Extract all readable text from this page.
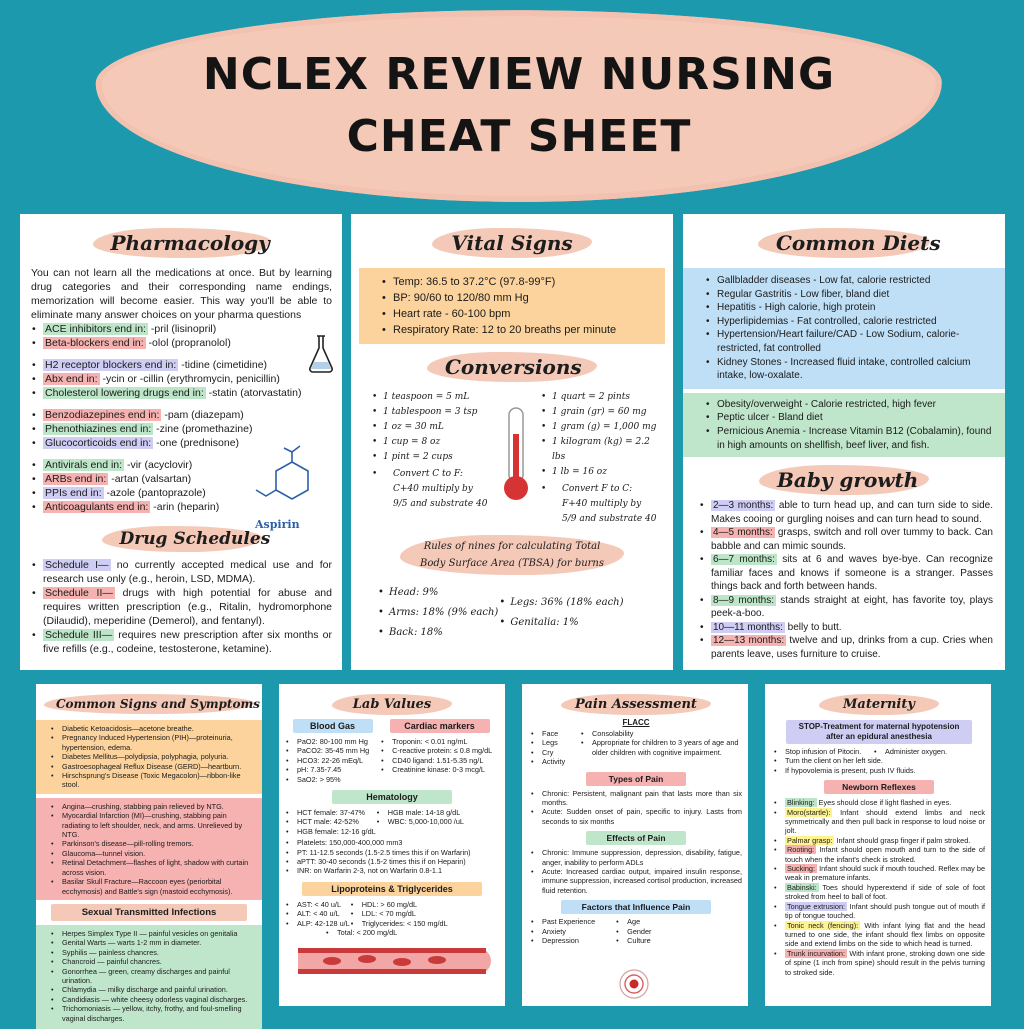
NCLEX REVIEW NURSING
CHEAT SHEET
Pharmacology

You can not learn all the medications at once. But by learning drug categories and their corresponding name endings, memorization will become easier. This way you'll be able to eliminate many answer choices on your pharma questions

• ACE inhibitors end in: -pril (lisinopril)
• Beta-blockers end in: -olol (propranolol)
• H2 receptor blockers end in: -tidine (cimetidine)
• Abx end in: -ycin or -cillin (erythromycin, penicillin)
• Cholesterol lowering drugs end in: -statin (atorvastatin)
• Benzodiazepines end in: -pam (diazepam)
• Phenothiazines end in: -zine (promethazine)
• Glucocorticoids end in: -one (prednisone)
• Antivirals end in: -vir (acyclovir)
• ARBs end in: -artan (valsartan)
• PPIs end in: -azole (pantoprazole)
• Anticoagulants end in: -arin (heparin)
Aspirin
Drug Schedules
• Schedule I— no currently accepted medical use and for research use only (e.g., heroin, LSD, MDMA).
• Schedule II— drugs with high potential for abuse and requires written prescription (e.g., Ritalin, hydromorphone (Dilaudid), meperidine (Demerol), and fentanyl).
• Schedule III— requires new prescription after six months or five refills (e.g., codeine, testosterone, ketamine).
Vital Signs
• Temp: 36.5 to 37.2°C (97.8-99°F)
• BP: 90/60 to 120/80 mm Hg
• Heart rate - 60-100 bpm
• Respiratory Rate: 12 to 20 breaths per minute
Conversions
• 1 teaspoon = 5 mL
• 1 tablespoon = 3 tsp
• 1 oz = 30 mL
• 1 cup = 8 oz
• 1 pint = 2 cups
• Convert C to F: C+40 multiply by 9/5 and substrate 40
• 1 quart = 2 pints
• 1 grain (gr) = 60 mg
• 1 gram (g) = 1,000 mg
• 1 kilogram (kg) = 2.2 lbs
• 1 lb = 16 oz
• Convert F to C: F+40 multiply by 5/9 and substrate 40
Rules of nines for calculating Total Body Surface Area (TBSA) for burns
• Head: 9%
• Arms: 18% (9% each)
• Back: 18%
• Legs: 36% (18% each)
• Genitalia: 1%
Common Diets
• Gallbladder diseases - Low fat, calorie restricted
• Regular Gastritis - Low fiber, bland diet
• Hepatitis - High calorie, high protein
• Hyperlipidemias - Fat controlled, calorie restricted
• Hypertension/Heart failure/CAD - Low Sodium, calorie-restricted, fat controlled
• Kidney Stones - Increased fluid intake, controlled calcium intake, low-oxalate.
• Obesity/overweight - Calorie restricted, high fever
• Peptic ulcer - Bland diet
• Pernicious Anemia - Increase Vitamin B12 (Cobalamin), found in high amounts on shellfish, beef liver, and fish.
Baby growth
• 2—3 months: able to turn head up, and can turn side to side. Makes cooing or gurgling noises and can turn head to sound.
• 4—5 months: grasps, switch and roll over tummy to back. Can babble and can mimic sounds.
• 6—7 months: sits at 6 and waves bye-bye. Can recognize familiar faces and knows if someone is a stranger. Passes things back and forth between hands.
• 8—9 months: stands straight at eight, has favorite toy, plays peek-a-boo.
• 10—11 months: belly to butt.
• 12—13 months: twelve and up, drinks from a cup. Cries when parents leave, uses furniture to cruise.
Common Signs and Symptoms
• Diabetic Ketoacidosis—acetone breathe.
• Pregnancy Induced Hypertension (PIH)—proteinuria, hypertension, edema.
• Diabetes Mellitus—polydipsia, polyphagia, polyuria.
• Gastroesophageal Reflux Disease (GERD)—heartburn.
• Hirschsprung's Disease (Toxic Megacolon)—ribbon-like stool.
• Angina—crushing, stabbing pain relieved by NTG.
• Myocardial Infarction (MI)—crushing, stabbing pain radiating to left shoulder, neck, and arms. Unrelieved by NTG.
• Parkinson's disease—pill-rolling tremors.
• Glaucoma—tunnel vision.
• Retinal Detachment—flashes of light, shadow with curtain across vision.
• Basilar Skull Fracture—Raccoon eyes (periorbital ecchymosis) and Battle's sign (mastoid ecchymosis).
Sexual Transmitted Infections
• Herpes Simplex Type II — painful vesicles on genitalia
• Genital Warts — warts 1-2 mm in diameter.
• Syphilis — painless chancres.
• Chancroid — painful chancres.
• Gonorrhea — green, creamy discharges and painful urination.
• Chlamydia — milky discharge and painful urination.
• Candidiasis — white cheesy odorless vaginal discharges.
• Trichomoniasis — yellow, itchy, frothy, and foul-smelling vaginal discharges.
Lab Values
Blood Gas
• PaO2: 80-100 mm Hg
• PaCO2: 35-45 mm Hg
• HCO3: 22-26 mEq/L
• pH: 7.35-7.45
• SaO2: > 95%
Cardiac markers
• Troponin: < 0.01 ng/mL
• C-reactive protein: ≤ 0.8 mg/dL
• CD40 ligand: 1.51-5.35 ng/L
• Creatinine kinase: 0-3 mcg/L
Hematology
• HCT female: 37-47%
• HCT male: 42-52%
• HGB female: 12-16 g/dL
• HGB male: 14-18 g/dL
• WBC: 5,000-10,000 /uL
• Platelets: 150,000-400,000 mm3
• PT: 11-12.5 seconds (1.5-2.5 times this if on Warfarin)
• aPTT: 30-40 seconds (1.5-2 times this if on Heparin)
• INR: on Warfarin 2-3, not on Warfarin 0.8-1.1
Lipoproteins & Triglycerides
• AST: < 40 u/L
• ALT: < 40 u/L
• ALP: 42-128 u/L
• HDL: > 60 mg/dL
• LDL: < 70 mg/dL
• Triglycerides: < 150 mg/dL
• Total: < 200 mg/dL
Pain Assessment
FLACC
• Face
• Legs
• Cry
• Activity
• Consolability
• Appropriate for children to 3 years of age and older children with cognitive impairment.
Types of Pain
• Chronic: Persistent, malignant pain that lasts more than six months.
• Acute: Sudden onset of pain, specific to injury. Lasts from seconds to six months
Effects of Pain
• Chronic: Immune suppression, depression, disability, fatigue, anger, inability to perform ADLs
• Acute: Increased cardiac output, impaired insulin response, immune suppression, increased cortisol production, increased fluid retention.
Factors that Influence Pain
• Past Experience
• Anxiety
• Depression
• Age
• Gender
• Culture
Maternity
STOP-Treatment for maternal hypotension after an epidural anesthesia
• Stop infusion of Pitocin.
•	Administer oxygen.
• Turn the client on her left side.
• If hypovolemia is present, push IV fluids.
Newborn Reflexes
• Blinking: Eyes should close if light flashed in eyes.
• Moro(startle): Infant should extend limbs and neck symmetrically and then pull back in response to loud noise or jolt.
• Palmar grasp: Infant should grasp finger if palm stroked.
• Rooting: Infant should open mouth and turn to the side of touch when the infant's check is stroked.
• Sucking: Infant should suck if mouth touched. Reflex may be weak in premature infants.
• Babinski: Toes should hyperextend if side of sole of foot stroked from heel to ball of foot.
• Tongue extrusion: Infant should push tongue out of mouth if tip of tongue touched.
• Tonic neck (fencing): With infant lying flat and the head turned to one side, the infant should flex limbs on opposite side and extend limbs on the side to which head is turned.
• Trunk incurvation: With infant prone, stroking down one side of spine (1 inch from spine) should result in the pelvis turning to stroked side.
